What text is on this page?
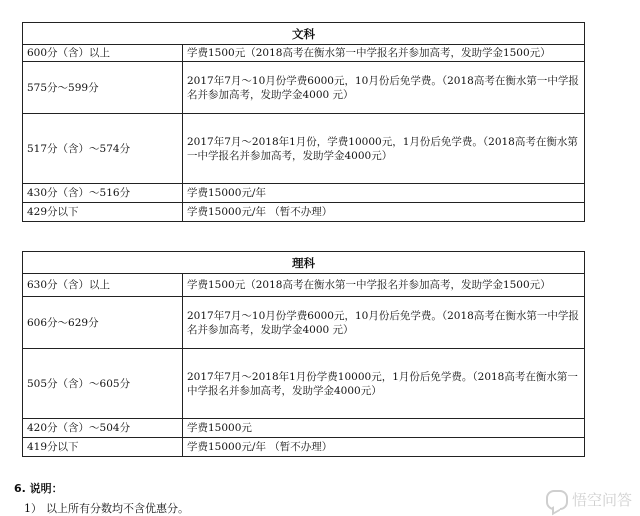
文科	
600分（含）以上	学费1500元（2018高考在衡水第一中学报名并参加高考，发助学金1500元）
575分～599分	2017年7月～10月份学费6000元，10月份后免学费。（2018高考在衡水第一中学报名并参加高考，发助学金4000 元）
517分（含）～574分	2017年7月～2018年1月份，学费10000元，1月份后免学费。（2018高考在衡水第一中学报名并参加高考，发助学金4000元）
430分（含）～516分	学费15000元/年
429分以下	学费15000元/年 （暂不办理）
理科	
630分（含）以上	学费1500元（2018高考在衡水第一中学报名并参加高考，发助学金1500元）
606分～629分	2017年7月～10月份学费6000元，10月份后免学费。（2018高考在衡水第一中学报名并参加高考，发助学金4000 元）
505分（含）～605分	2017年7月～2018年1月份学费10000元，1月份后免学费。（2018高考在衡水第一中学报名并参加高考，发助学金4000元）
420分（含）～504分	学费15000元
419分以下	学费15000元/年 （暂不办理）
6. 说明：
1） 以上所有分数均不含优惠分。	悟空问答
